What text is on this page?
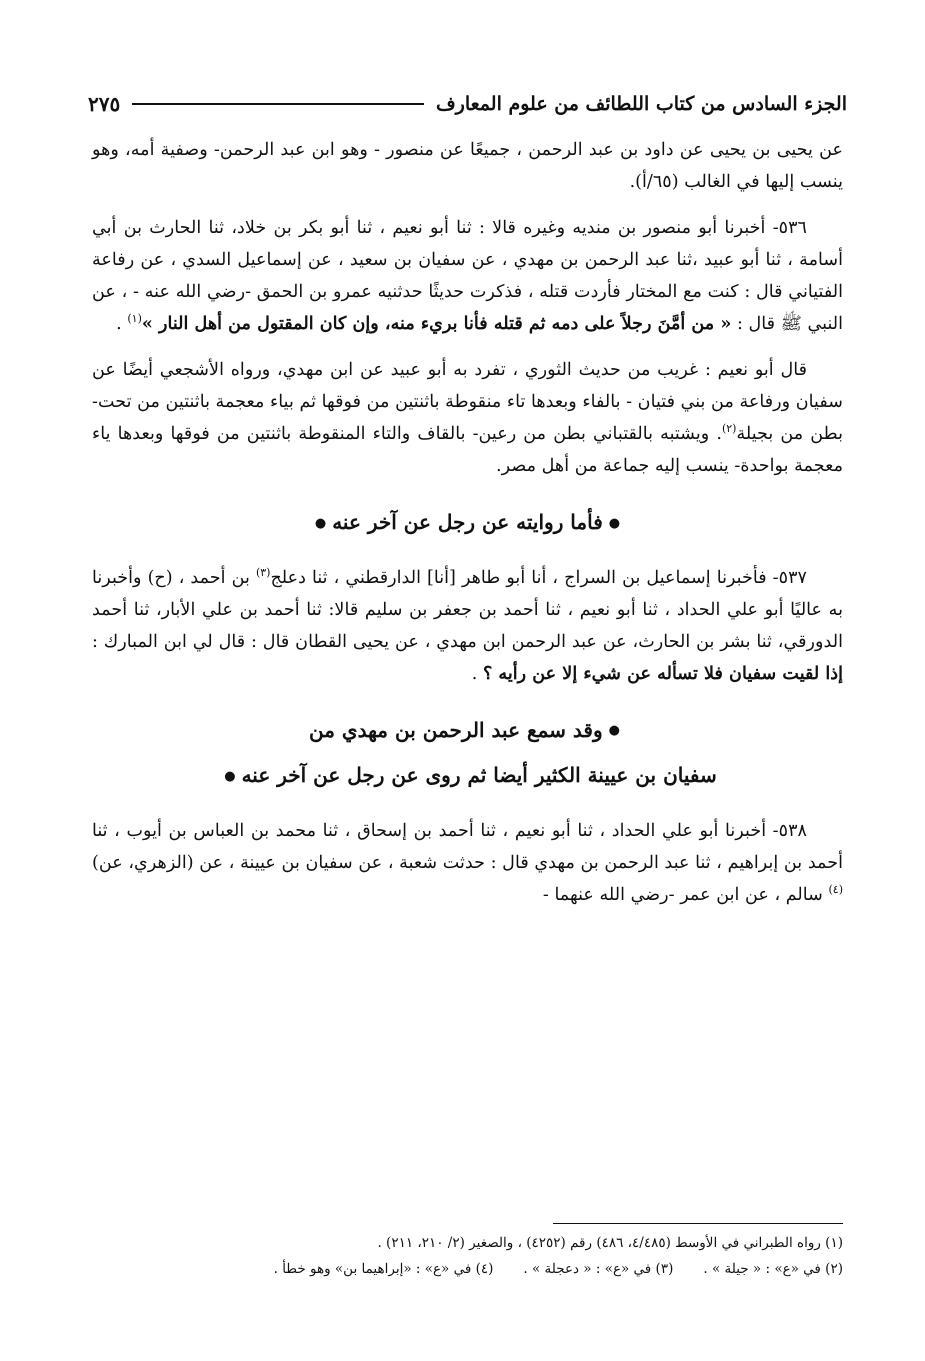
الجزء السادس من كتاب اللطائف من علوم المعارف
٢٧٥

عن يحيى بن يحيى عن داود بن عبد الرحمن ، جميعًا عن منصور - وهو ابن عبد الرحمن- وصفية أمه، وهو ينسب إليها في الغالب (٦٥/أ).

٥٣٦- أخبرنا أبو منصور بن منديه وغيره قالا : ثنا أبو نعيم ، ثنا أبو بكر بن خلاد، ثنا الحارث بن أبي أسامة ، ثنا أبو عبيد ،ثنا عبد الرحمن بن مهدي ، عن سفيان بن سعيد ، عن إسماعيل السدي ، عن رفاعة الفتياني قال : كنت مع المختار فأردت قتله ، فذكرت حديثًا حدثنيه عمرو بن الحمق -رضي الله عنه - ، عن النبي ﷺ قال : « من أمَّنَ رجلاً على دمه ثم قتله فأنا بريء منه، وإن كان المقتول من أهل النار »$^{(١)}$ .

قال أبو نعيم : غريب من حديث الثوري ، تفرد به أبو عبيد عن ابن مهدي، ورواه الأشجعي أيضًا عن سفيان ورفاعة من بني فتيان - بالفاء وبعدها تاء منقوطة باثنتين من فوقها ثم بياء معجمة باثنتين من تحت- بطن من بجيلة$^{(٢)}$. ويشتبه بالقتباني بطن من رعين- بالقاف والتاء المنقوطة باثنتين من فوقها وبعدها ياء معجمة بواحدة- ينسب إليه جماعة من أهل مصر.

●فأما روايته عن رجل عن آخر عنه●

٥٣٧- فأخبرنا إسماعيل بن السراج ، أنا أبو طاهر [أنا] الدارقطني ، ثنا دعلج$^{(٣)}$ بن أحمد ، (ح) وأخبرنا به عاليًا أبو علي الحداد ، ثنا أبو نعيم ، ثنا أحمد بن جعفر بن سليم قالا: ثنا أحمد بن علي الأبار، ثنا أحمد الدورقي، ثنا بشر بن الحارث، عن عبد الرحمن ابن مهدي ، عن يحيى القطان قال : قال لي ابن المبارك : إذا لقيت سفيان فلا تسأله عن شيء إلا عن رأيه ؟ .

●وقد سمع عبد الرحمن بن مهدي من
سفيان بن عيينة الكثير أيضا ثم روى عن رجل عن آخر عنه●

٥٣٨- أخبرنا أبو علي الحداد ، ثنا أبو نعيم ، ثنا أحمد بن إسحاق ، ثنا محمد بن العباس بن أيوب ، ثنا أحمد بن إبراهيم ، ثنا عبد الرحمن بن مهدي قال : حدثت شعبة ، عن سفيان بن عيينة ، عن (الزهري، عن)$^{(٤)}$ سالم ، عن ابن عمر -رضي الله عنهما -

(١) رواه الطبراني في الأوسط (٤/٤٨٥، ٤٨٦) رقم (٤٢٥٢) ، والصغير (٢/ ٢١٠، ٢١١) .
(٢) في «ع» : « جيلة » .(٣) في «ع» : « دعجلة » .(٤) في «ع» : «إبراهيما بن» وهو خطأ .
